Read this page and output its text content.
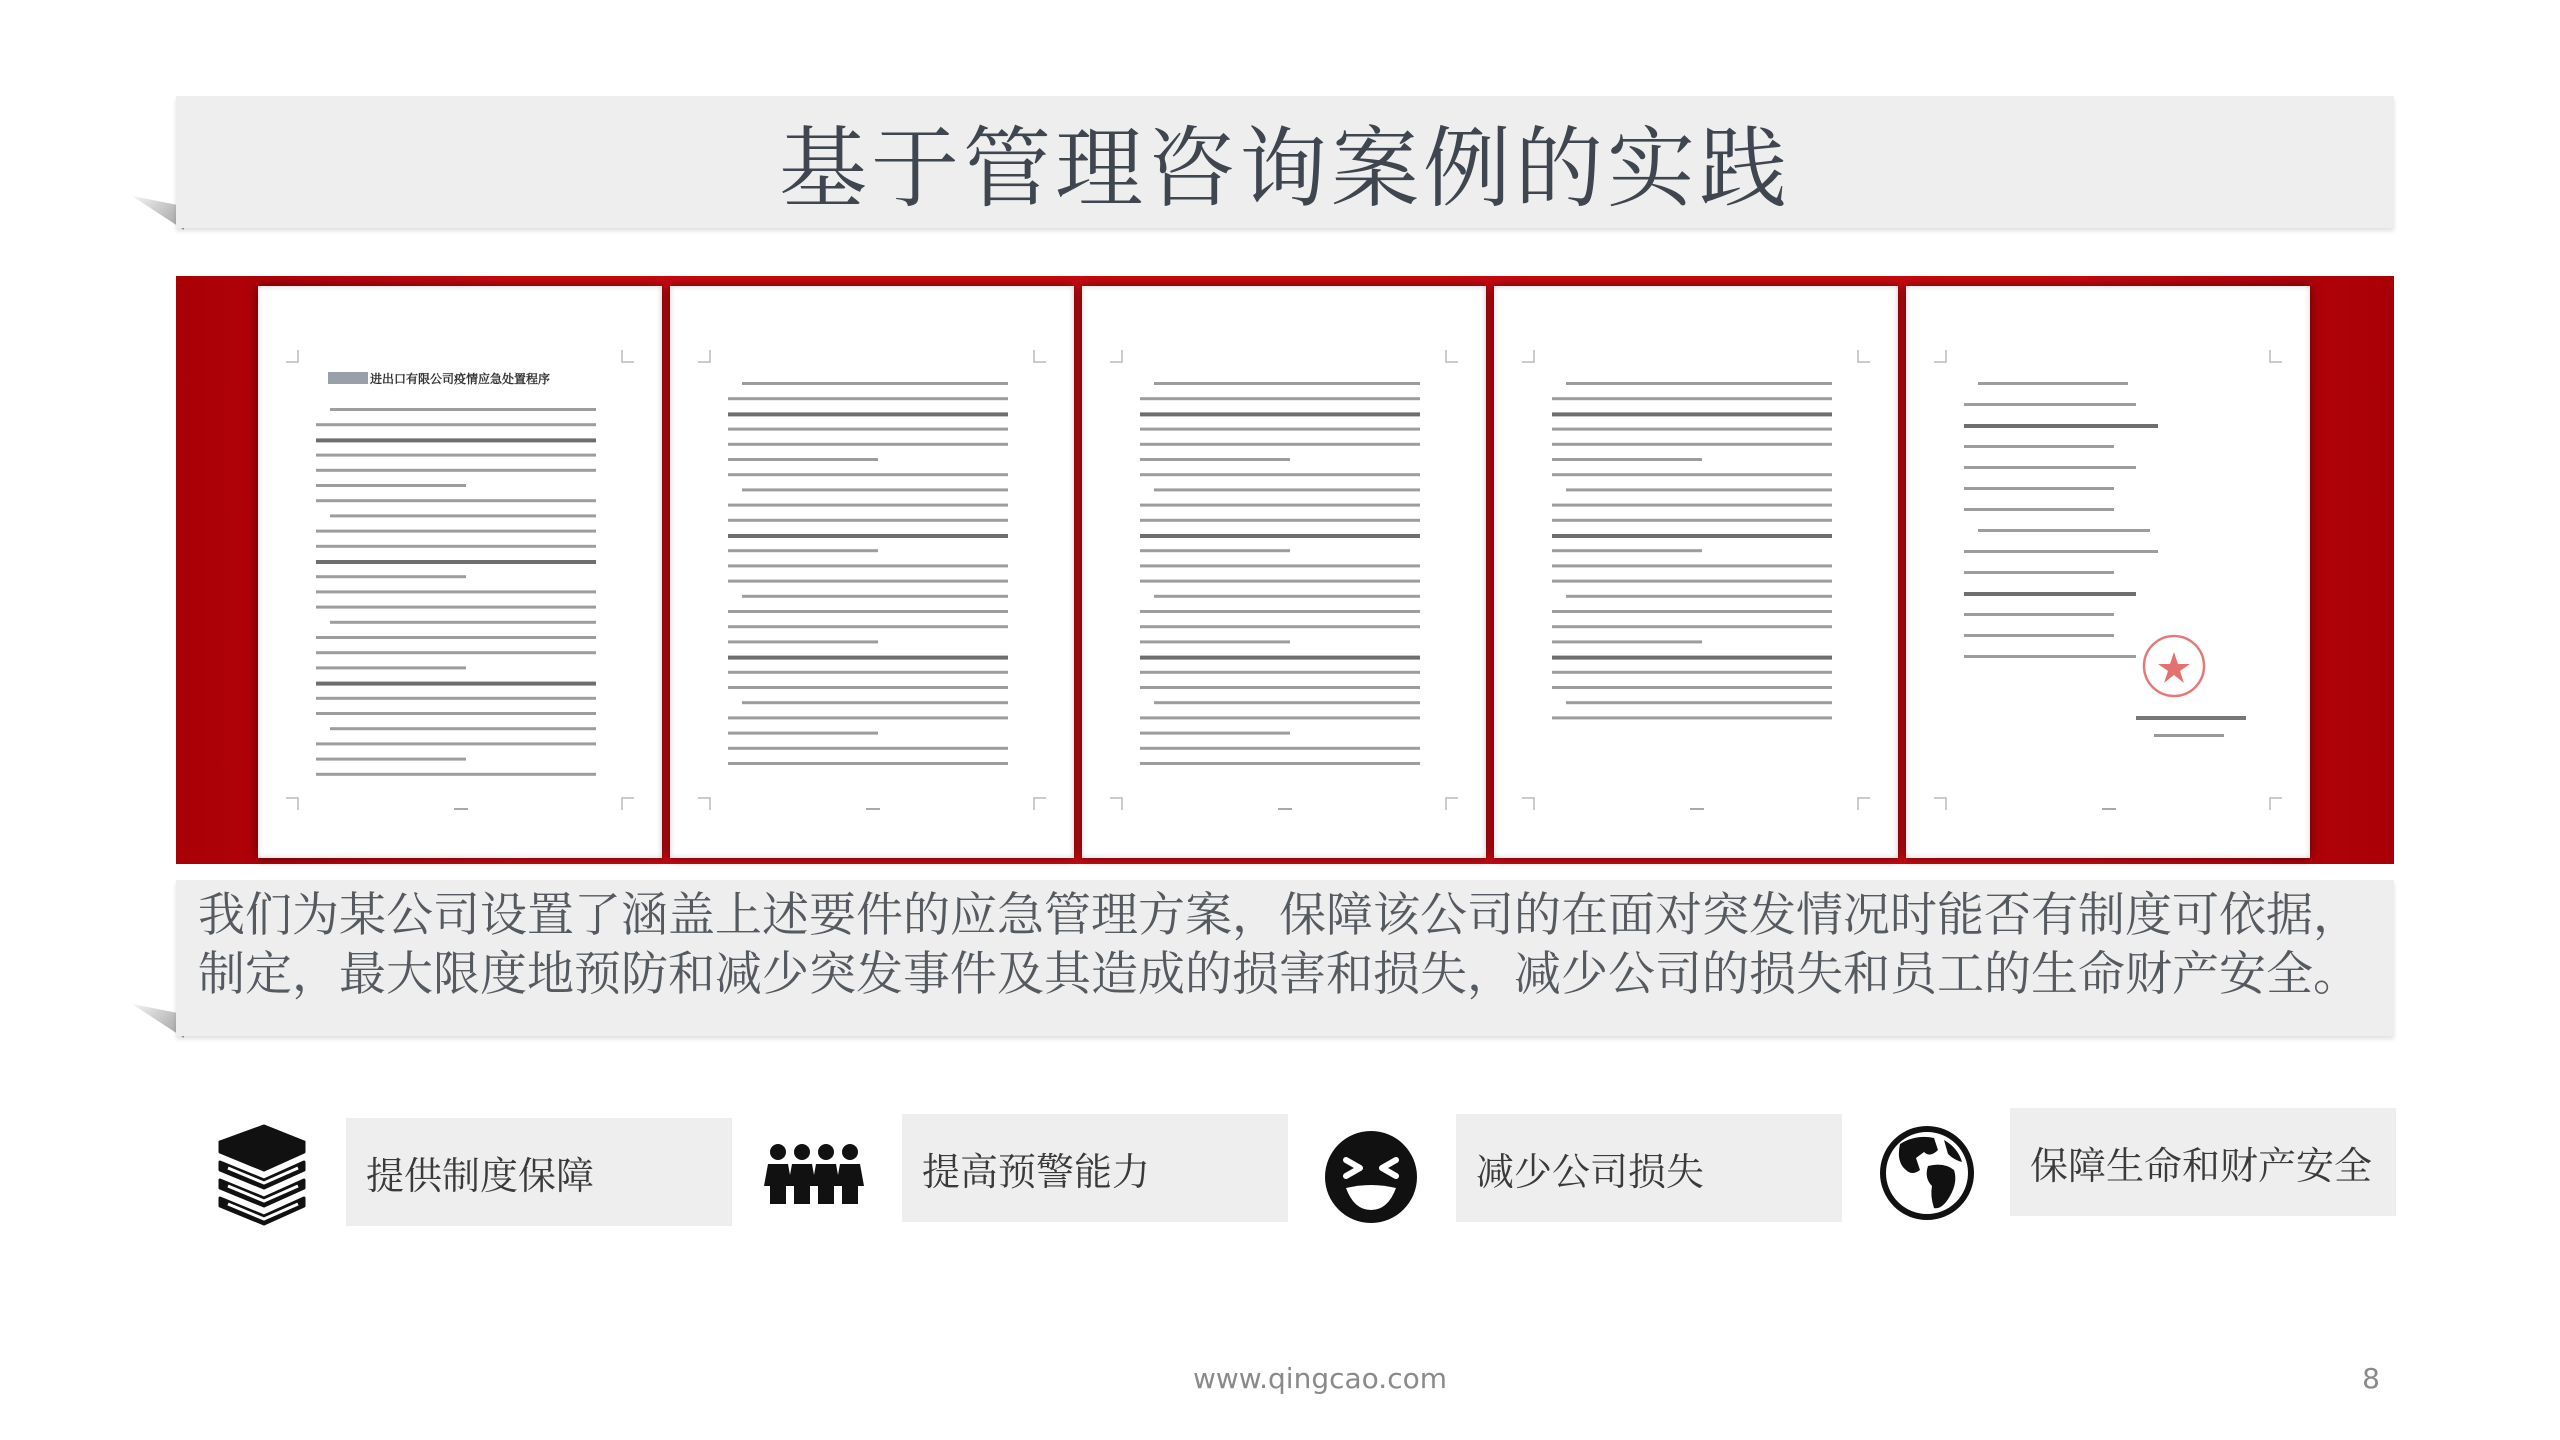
基于管理咨询案例的实践
进出口有限公司疫情应急处置程序
我们为某公司设置了涵盖上述要件的应急管理方案，保障该公司的在面对突发情况时能否有制度可依据，制定，最大限度地预防和减少突发事件及其造成的损害和损失，减少公司的损失和员工的生命财产安全。
提供制度保障	提高预警能力	减少公司损失	保障生命和财产安全
www.qingcao.com	8
